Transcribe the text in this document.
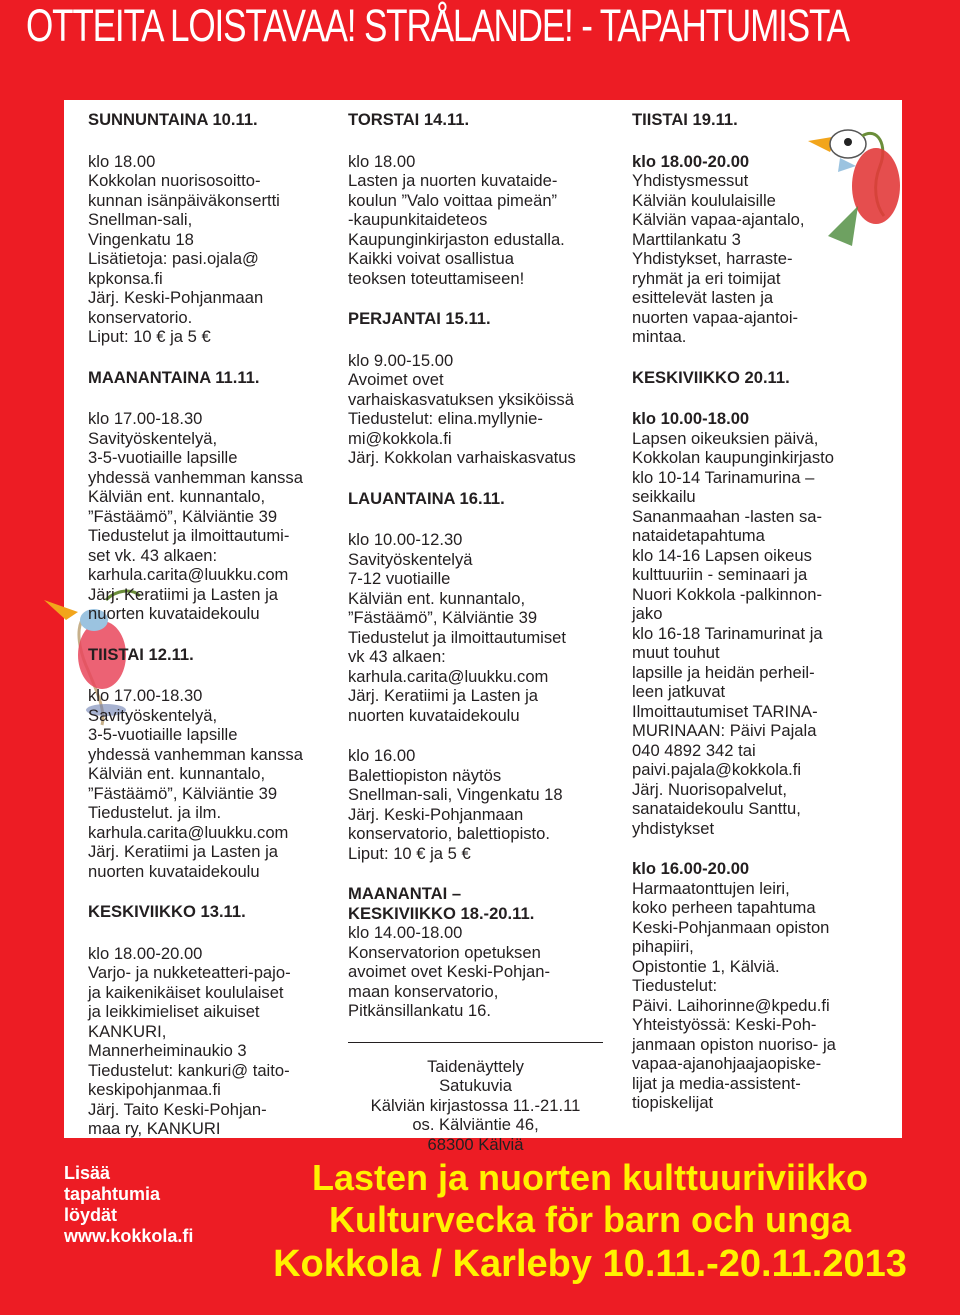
OTTEITA LOISTAVAA! STRÅLANDE! - TAPAHTUMISTA
SUNNUNTAINA 10.11.
klo 18.00
Kokkolan nuorisosoitto-
kunnan isänpäiväkonsertti
Snellman-sali,
Vingenkatu 18
Lisätietoja: pasi.ojala@
kpkonsa.fi
Järj. Keski-Pohjanmaan
konservatorio.
Liput: 10 € ja 5 €
MAANANTAINA 11.11.
klo 17.00-18.30
Savityöskentelyä,
3-5-vuotiaille lapsille
yhdessä vanhemman kanssa
Kälviän ent. kunnantalo,
”Fästäämö”, Kälviäntie 39
Tiedustelut ja ilmoittautumi-
set vk. 43 alkaen:
karhula.carita@luukku.com
Järj. Keratiimi ja Lasten ja
nuorten kuvataidekoulu
TIISTAI 12.11.
klo 17.00-18.30
Savityöskentelyä,
3-5-vuotiaille lapsille
yhdessä vanhemman kanssa
Kälviän ent. kunnantalo,
”Fästäämö”, Kälviäntie 39
Tiedustelut. ja ilm.
karhula.carita@luukku.com
Järj. Keratiimi ja Lasten ja
nuorten kuvataidekoulu
KESKIVIIKKO 13.11.
klo 18.00-20.00
Varjo- ja nukketeatteri-pajo-
ja kaikenikäiset koululaiset
ja leikkimieliset aikuiset
KANKURI,
Mannerheiminaukio 3
Tiedustelut: kankuri@ taito-
keskipohjanmaa.fi
Järj. Taito Keski-Pohjan-
maa ry, KANKURI
TORSTAI 14.11.
klo 18.00
Lasten ja nuorten kuvataide-
koulun ”Valo voittaa pimeän”
-kaupunkitaideteos
Kaupunginkirjaston edustalla.
Kaikki voivat osallistua
teoksen toteuttamiseen!
PERJANTAI 15.11.
klo 9.00-15.00
Avoimet ovet
varhaiskasvatuksen yksiköissä
Tiedustelut: elina.myllynie-
mi@kokkola.fi
Järj. Kokkolan varhaiskasvatus
LAUANTAINA 16.11.
klo 10.00-12.30
Savityöskentelyä
7-12 vuotiaille
Kälviän ent. kunnantalo,
”Fästäämö”, Kälviäntie 39
Tiedustelut ja ilmoittautumiset
vk 43 alkaen:
karhula.carita@luukku.com
Järj. Keratiimi ja Lasten ja
nuorten kuvataidekoulu
klo 16.00
Balettiopiston näytös
Snellman-sali, Vingenkatu 18
Järj. Keski-Pohjanmaan
konservatorio, balettiopisto.
Liput: 10 € ja 5 €
MAANANTAI –
KESKIVIIKKO 18.-20.11.
klo 14.00-18.00
Konservatorion opetuksen
avoimet ovet Keski-Pohjan-
maan konservatorio,
Pitkänsillankatu 16.
Taidenäyttely
Satukuvia
Kälviän kirjastossa 11.-21.11
os. Kälviäntie 46,
68300 Kälviä
TIISTAI 19.11.
klo 18.00-20.00
Yhdistysmessut
Kälviän koululaisille
Kälviän vapaa-ajantalo,
Marttilankatu 3
Yhdistykset, harraste-
ryhmät ja eri toimijat
esittelevät lasten ja
nuorten vapaa-ajantoi-
mintaa.
KESKIVIIKKO 20.11.
klo 10.00-18.00
Lapsen oikeuksien päivä,
Kokkolan kaupunginkirjasto
klo 10-14 Tarinamurina –
seikkailu
Sananmaahan -lasten sa-
nataidetapahtuma
klo 14-16 Lapsen oikeus
kulttuuriin - seminaari ja
Nuori Kokkola -palkinnon-
jako
klo 16-18 Tarinamurinat ja
muut touhut
lapsille ja heidän perheil-
leen jatkuvat
Ilmoittautumiset TARINA-
MURINAAN: Päivi Pajala
040 4892 342 tai
paivi.pajala@kokkola.fi
Järj. Nuorisopalvelut,
sanataidekoulu Santtu,
yhdistykset
klo 16.00-20.00
Harmaatonttujen leiri,
koko perheen tapahtuma
Keski-Pohjanmaan opiston
pihapiiri,
Opistontie 1, Kälviä.
Tiedustelut:
Päivi. Laihorinne@kpedu.fi
Yhteistyössä: Keski-Poh-
janmaan opiston nuoriso- ja
vapaa-ajanohjaajaopiske-
lijat ja media-assistent-
tiopiskelijat
Lisää
tapahtumia
löydät
www.kokkola.fi
Lasten ja nuorten kulttuuriviikko
Kulturvecka för barn och unga
Kokkola / Karleby 10.11.-20.11.2013
